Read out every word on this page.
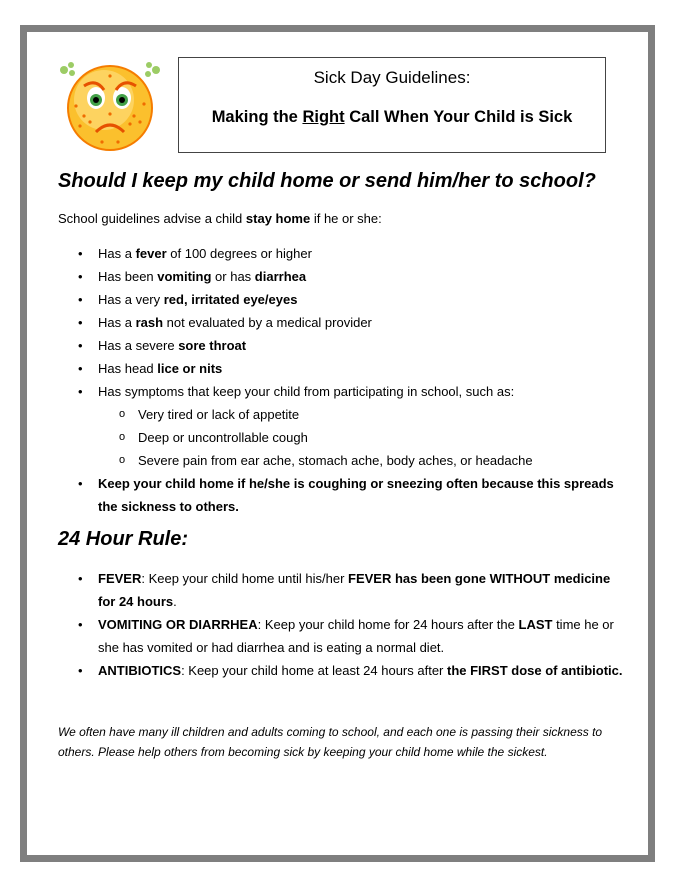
Sick Day Guidelines:
Making the Right Call When Your Child is Sick
Should I keep my child home or send him/her to school?
School guidelines advise a child stay home if he or she:
• Has a fever of 100 degrees or higher
• Has been vomiting or has diarrhea
• Has a very red, irritated eye/eyes
• Has a rash not evaluated by a medical provider
• Has a severe sore throat
• Has head lice or nits
• Has symptoms that keep your child from participating in school, such as:
o Very tired or lack of appetite
o Deep or uncontrollable cough
o Severe pain from ear ache, stomach ache, body aches, or headache
• Keep your child home if he/she is coughing or sneezing often because this spreads the sickness to others.
24 Hour Rule:
• FEVER: Keep your child home until his/her FEVER has been gone WITHOUT medicine for 24 hours.
• VOMITING OR DIARRHEA: Keep your child home for 24 hours after the LAST time he or she has vomited or had diarrhea and is eating a normal diet.
• ANTIBIOTICS: Keep your child home at least 24 hours after the FIRST dose of antibiotic.
We often have many ill children and adults coming to school, and each one is passing their sickness to others. Please help others from becoming sick by keeping your child home while the sickest.
